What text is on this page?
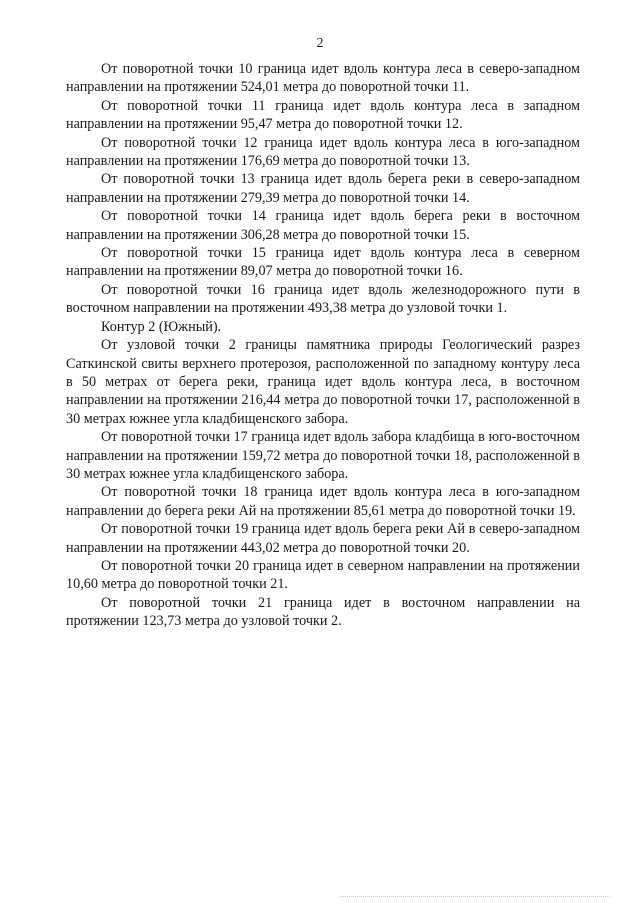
2

От поворотной точки 10 граница идет вдоль контура леса в северо-западном направлении на протяжении 524,01 метра до поворотной точки 11.

От поворотной точки 11 граница идет вдоль контура леса в западном направлении на протяжении 95,47 метра до поворотной точки 12.

От поворотной точки 12 граница идет вдоль контура леса в юго-западном направлении на протяжении 176,69 метра до поворотной точки 13.

От поворотной точки 13 граница идет вдоль берега реки в северо-западном направлении на протяжении 279,39 метра до поворотной точки 14.

От поворотной точки 14 граница идет вдоль берега реки в восточном направлении на протяжении 306,28 метра до поворотной точки 15.

От поворотной точки 15 граница идет вдоль контура леса в северном направлении на протяжении 89,07 метра до поворотной точки 16.

От поворотной точки 16 граница идет вдоль железнодорожного пути в восточном направлении на протяжении 493,38 метра до узловой точки 1.

Контур 2 (Южный).

От узловой точки 2 границы памятника природы Геологический разрез Саткинской свиты верхнего протерозоя, расположенной по западному контуру леса в 50 метрах от берега реки, граница идет вдоль контура леса, в восточном направлении на протяжении 216,44 метра до поворотной точки 17, расположенной в 30 метрах южнее угла кладбищенского забора.

От поворотной точки 17 граница идет вдоль забора кладбища в юго-восточном направлении на протяжении 159,72 метра до поворотной точки 18, расположенной в 30 метрах южнее угла кладбищенского забора.

От поворотной точки 18 граница идет вдоль контура леса в юго-западном направлении до берега реки Ай на протяжении 85,61 метра до поворотной точки 19.

От поворотной точки 19 граница идет вдоль берега реки Ай в северо-западном направлении на протяжении 443,02 метра до поворотной точки 20.

От поворотной точки 20 граница идет в северном направлении на протяжении 10,60 метра до поворотной точки 21.

От поворотной точки 21 граница идет в восточном направлении на протяжении 123,73 метра до узловой точки 2.
